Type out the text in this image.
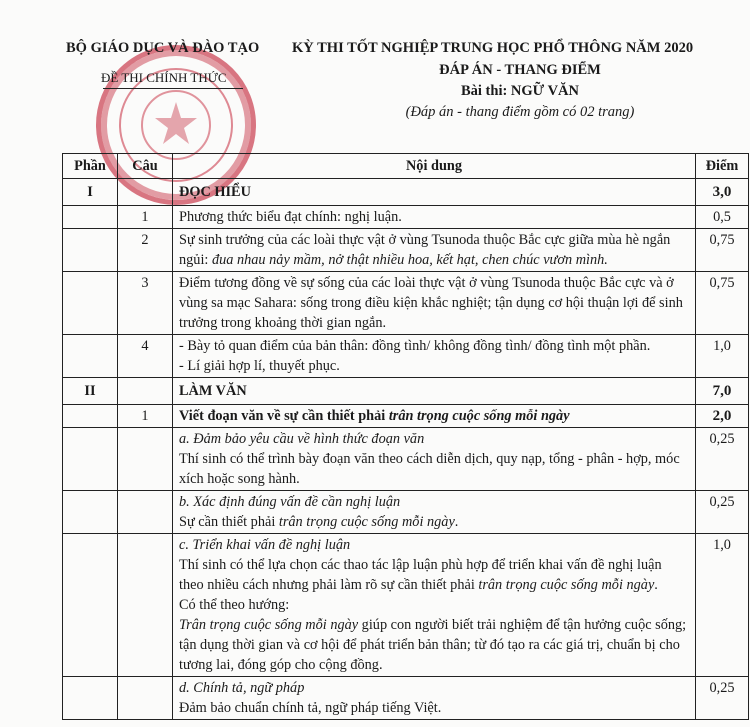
BỘ GIÁO DỤC VÀ ĐÀO TẠO
ĐỀ THI CHÍNH THỨC
KỲ THI TỐT NGHIỆP TRUNG HỌC PHỔ THÔNG NĂM 2020
ĐÁP ÁN - THANG ĐIỂM
Bài thi: NGỮ VĂN
(Đáp án - thang điểm gồm có 02 trang)
Phần	Câu	Nội dung	Điểm
I		ĐỌC HIỂU	3,0
	1	Phương thức biểu đạt chính: nghị luận.	0,5
	2	Sự sinh trưởng của các loài thực vật ở vùng Tsunoda thuộc Bắc cực giữa mùa hè ngắn ngủi: đua nhau nảy mầm, nở thật nhiều hoa, kết hạt, chen chúc vươn mình.	0,75
	3	Điểm tương đồng về sự sống của các loài thực vật ở vùng Tsunoda thuộc Bắc cực và ở vùng sa mạc Sahara: sống trong điều kiện khắc nghiệt; tận dụng cơ hội thuận lợi để sinh trưởng trong khoảng thời gian ngắn.	0,75
	4	- Bày tỏ quan điểm của bản thân: đồng tình/ không đồng tình/ đồng tình một phần.
- Lí giải hợp lí, thuyết phục.	1,0
II		LÀM VĂN	7,0
	1	Viết đoạn văn về sự cần thiết phải trân trọng cuộc sống mỗi ngày	2,0

		a. Đảm bảo yêu cầu về hình thức đoạn văn
Thí sinh có thể trình bày đoạn văn theo cách diễn dịch, quy nạp, tổng - phân - hợp, móc xích hoặc song hành.	0,25

		b. Xác định đúng vấn đề cần nghị luận
Sự cần thiết phải trân trọng cuộc sống mỗi ngày.	0,25

		c. Triển khai vấn đề nghị luận
Thí sinh có thể lựa chọn các thao tác lập luận phù hợp để triển khai vấn đề nghị luận theo nhiều cách nhưng phải làm rõ sự cần thiết phải trân trọng cuộc sống mỗi ngày.
Có thể theo hướng:
Trân trọng cuộc sống mỗi ngày giúp con người biết trải nghiệm để tận hưởng cuộc sống; tận dụng thời gian và cơ hội để phát triển bản thân; từ đó tạo ra các giá trị, chuẩn bị cho tương lai, đóng góp cho cộng đồng.	1,0

		d. Chính tả, ngữ pháp
Đảm bảo chuẩn chính tả, ngữ pháp tiếng Việt.	0,25
